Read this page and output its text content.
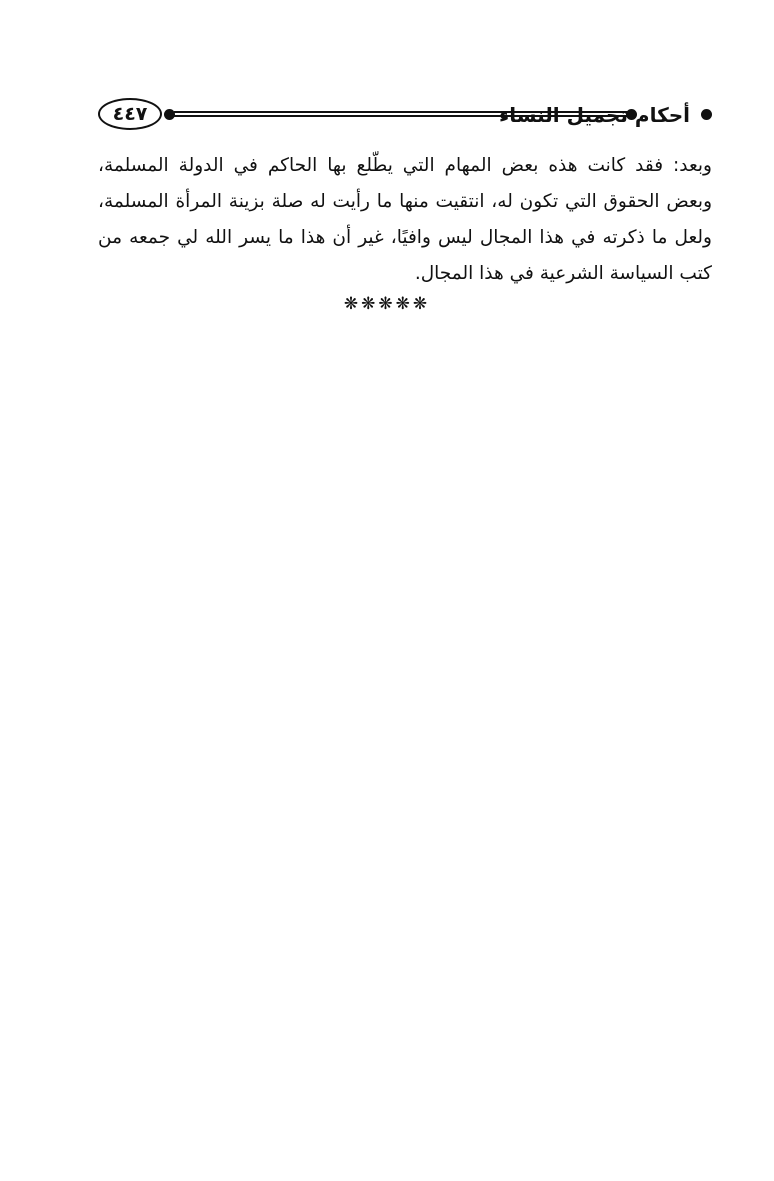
٤٤٧	أحكام تجميل النساء

وبعد: فقد كانت هذه بعض المهام التي يطّلع بها الحاكم في الدولة المسلمة، وبعض الحقوق التي تكون له، انتقيت منها ما رأيت له صلة بزينة المرأة المسلمة، ولعل ما ذكرته في هذا المجال ليس وافيًا، غير أن هذا ما يسر الله لي جمعه من كتب السياسة الشرعية في هذا المجال.

❋❋❋❋❋
